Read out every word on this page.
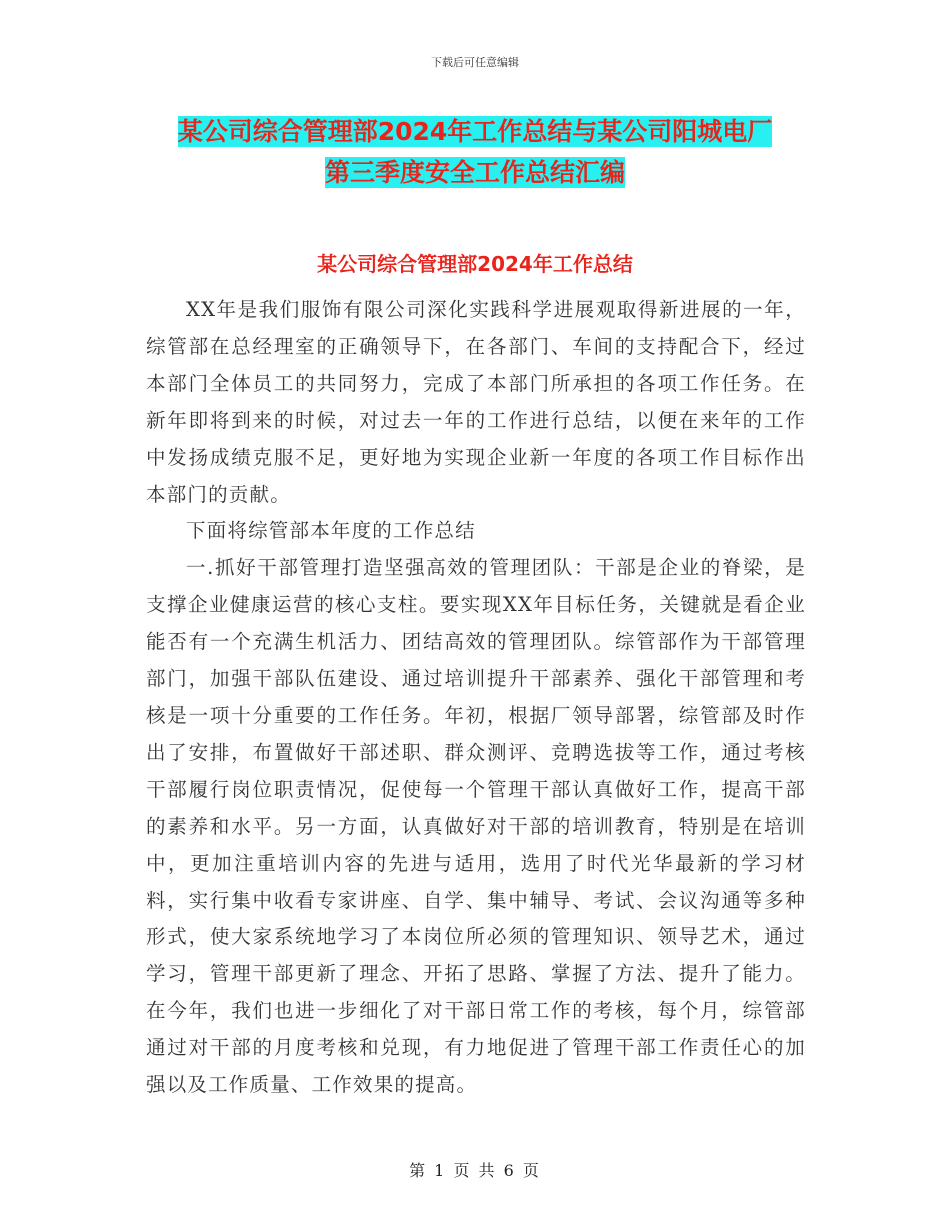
下载后可任意编辑
某公司综合管理部2024年工作总结与某公司阳城电厂
第三季度安全工作总结汇编
某公司综合管理部2024年工作总结

XX年是我们服饰有限公司深化实践科学进展观取得新进展的一年，综管部在总经理室的正确领导下，在各部门、车间的支持配合下，经过本部门全体员工的共同努力，完成了本部门所承担的各项工作任务。在新年即将到来的时候，对过去一年的工作进行总结，以便在来年的工作中发扬成绩克服不足，更好地为实现企业新一年度的各项工作目标作出本部门的贡献。

下面将综管部本年度的工作总结

一.抓好干部管理打造坚强高效的管理团队：干部是企业的脊梁，是支撑企业健康运营的核心支柱。要实现XX年目标任务，关键就是看企业能否有一个充满生机活力、团结高效的管理团队。综管部作为干部管理部门，加强干部队伍建设、通过培训提升干部素养、强化干部管理和考核是一项十分重要的工作任务。年初，根据厂领导部署，综管部及时作出了安排，布置做好干部述职、群众测评、竞聘选拔等工作，通过考核干部履行岗位职责情况，促使每一个管理干部认真做好工作，提高干部的素养和水平。另一方面，认真做好对干部的培训教育，特别是在培训中，更加注重培训内容的先进与适用，选用了时代光华最新的学习材料，实行集中收看专家讲座、自学、集中辅导、考试、会议沟通等多种形式，使大家系统地学习了本岗位所必须的管理知识、领导艺术，通过学习，管理干部更新了理念、开拓了思路、掌握了方法、提升了能力。在今年，我们也进一步细化了对干部日常工作的考核，每个月，综管部通过对干部的月度考核和兑现，有力地促进了管理干部工作责任心的加强以及工作质量、工作效果的提高。

第 1 页 共 6 页
